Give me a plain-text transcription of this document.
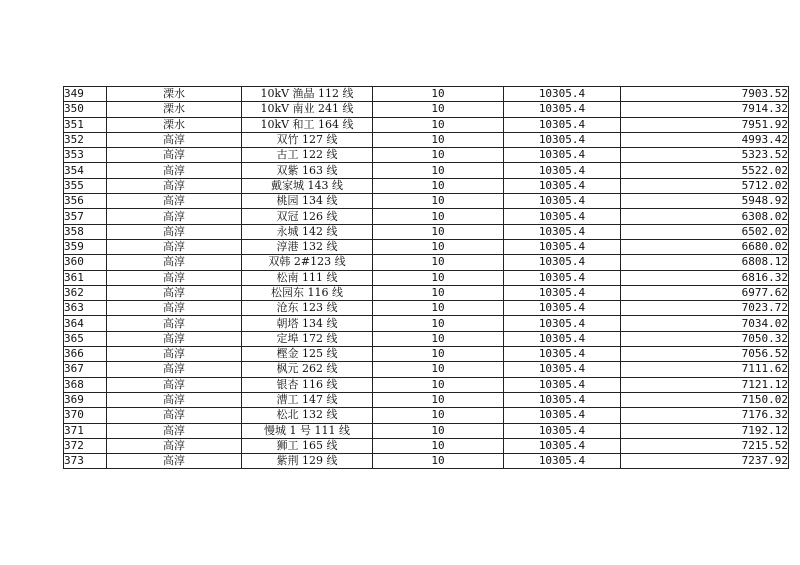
349	溧水	10kV 渔晶 112 线	10	10305.4	7903.52
350	溧水	10kV 南业 241 线	10	10305.4	7914.32
351	溧水	10kV 和工 164 线	10	10305.4	7951.92
352	高淳	双竹 127 线	10	10305.4	4993.42
353	高淳	古工 122 线	10	10305.4	5323.52
354	高淳	双紫 163 线	10	10305.4	5522.02
355	高淳	戴家城 143 线	10	10305.4	5712.02
356	高淳	桃园 134 线	10	10305.4	5948.92
357	高淳	双冠 126 线	10	10305.4	6308.02
358	高淳	永城 142 线	10	10305.4	6502.02
359	高淳	淳港 132 线	10	10305.4	6680.02
360	高淳	双韩 2#123 线	10	10305.4	6808.12
361	高淳	松南 111 线	10	10305.4	6816.32
362	高淳	松园东 116 线	10	10305.4	6977.62
363	高淳	沧东 123 线	10	10305.4	7023.72
364	高淳	朝塔 134 线	10	10305.4	7034.02
365	高淳	定埠 172 线	10	10305.4	7050.32
366	高淳	樫金 125 线	10	10305.4	7056.52
367	高淳	枫元 262 线	10	10305.4	7111.62
368	高淳	银杏 116 线	10	10305.4	7121.12
369	高淳	漕工 147 线	10	10305.4	7150.02
370	高淳	松北 132 线	10	10305.4	7176.32
371	高淳	慢城 1 号 111 线	10	10305.4	7192.12
372	高淳	狮工 165 线	10	10305.4	7215.52
373	高淳	紫荆 129 线	10	10305.4	7237.92
